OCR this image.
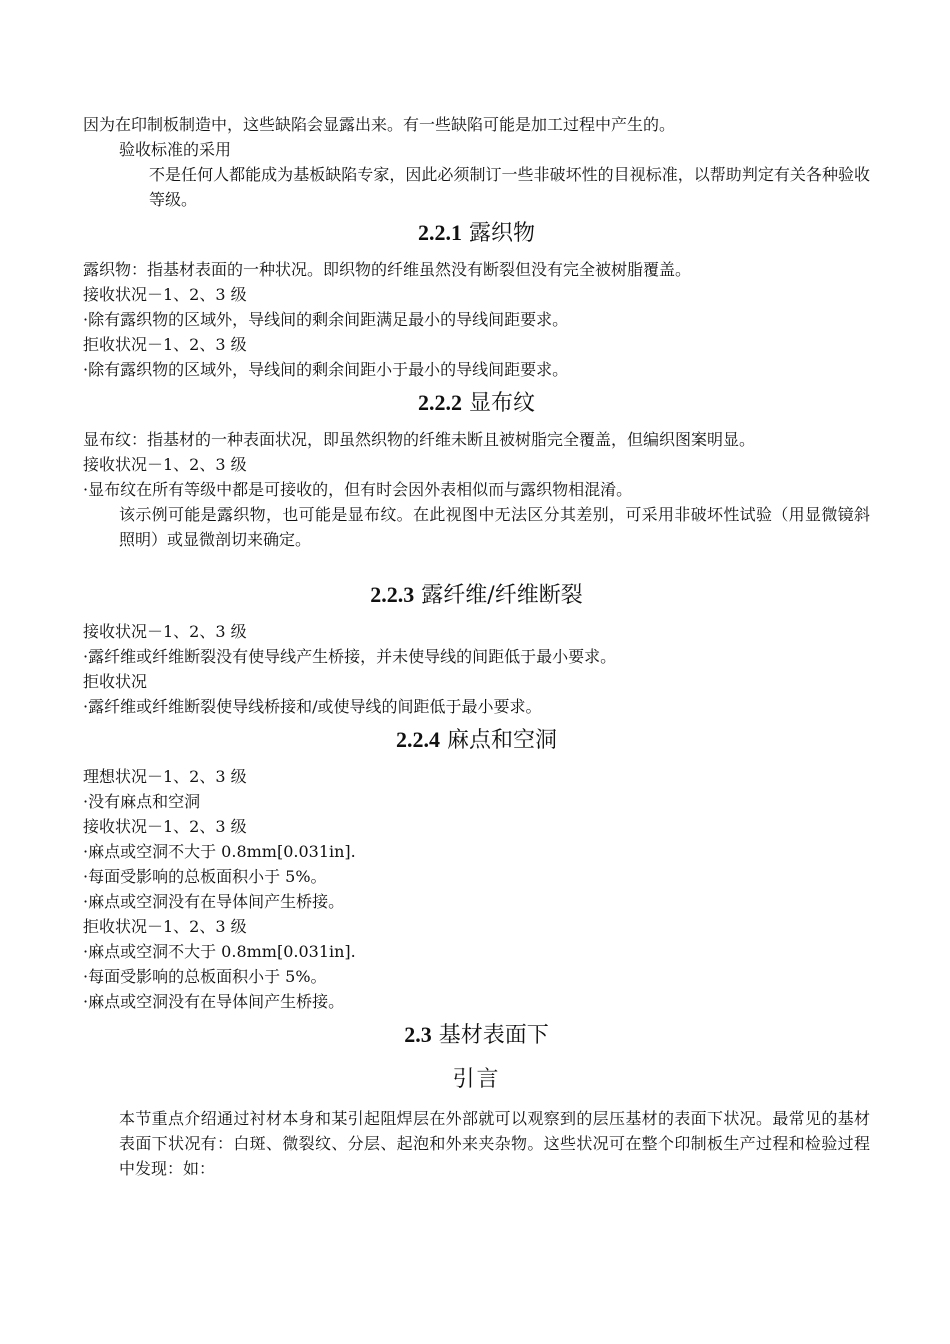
因为在印制板制造中，这些缺陷会显露出来。有一些缺陷可能是加工过程中产生的。
验收标准的采用
不是任何人都能成为基板缺陷专家，因此必须制订一些非破坏性的目视标准，以帮助判定有关各种验收等级。
2.2.1 露织物
露织物：指基材表面的一种状况。即织物的纤维虽然没有断裂但没有完全被树脂覆盖。
接收状况－1、2、3 级
·除有露织物的区域外，导线间的剩余间距满足最小的导线间距要求。
拒收状况－1、2、3 级
·除有露织物的区域外，导线间的剩余间距小于最小的导线间距要求。
2.2.2 显布纹
显布纹：指基材的一种表面状况，即虽然织物的纤维未断且被树脂完全覆盖，但编织图案明显。
接收状况－1、2、3 级
·显布纹在所有等级中都是可接收的，但有时会因外表相似而与露织物相混淆。
该示例可能是露织物，也可能是显布纹。在此视图中无法区分其差别，可采用非破坏性试验（用显微镜斜照明）或显微剖切来确定。
2.2.3 露纤维/纤维断裂
接收状况－1、2、3 级
·露纤维或纤维断裂没有使导线产生桥接，并未使导线的间距低于最小要求。
拒收状况
·露纤维或纤维断裂使导线桥接和/或使导线的间距低于最小要求。
2.2.4 麻点和空洞
理想状况－1、2、3 级
·没有麻点和空洞
接收状况－1、2、3 级
·麻点或空洞不大于 0.8mm[0.031in].
·每面受影响的总板面积小于 5%。
·麻点或空洞没有在导体间产生桥接。
拒收状况－1、2、3 级
·麻点或空洞不大于 0.8mm[0.031in].
·每面受影响的总板面积小于 5%。
·麻点或空洞没有在导体间产生桥接。
2.3 基材表面下
引言
本节重点介绍通过衬材本身和某引起阻焊层在外部就可以观察到的层压基材的表面下状况。最常见的基材表面下状况有：白斑、微裂纹、分层、起泡和外来夹杂物。这些状况可在整个印制板生产过程和检验过程中发现：如：
